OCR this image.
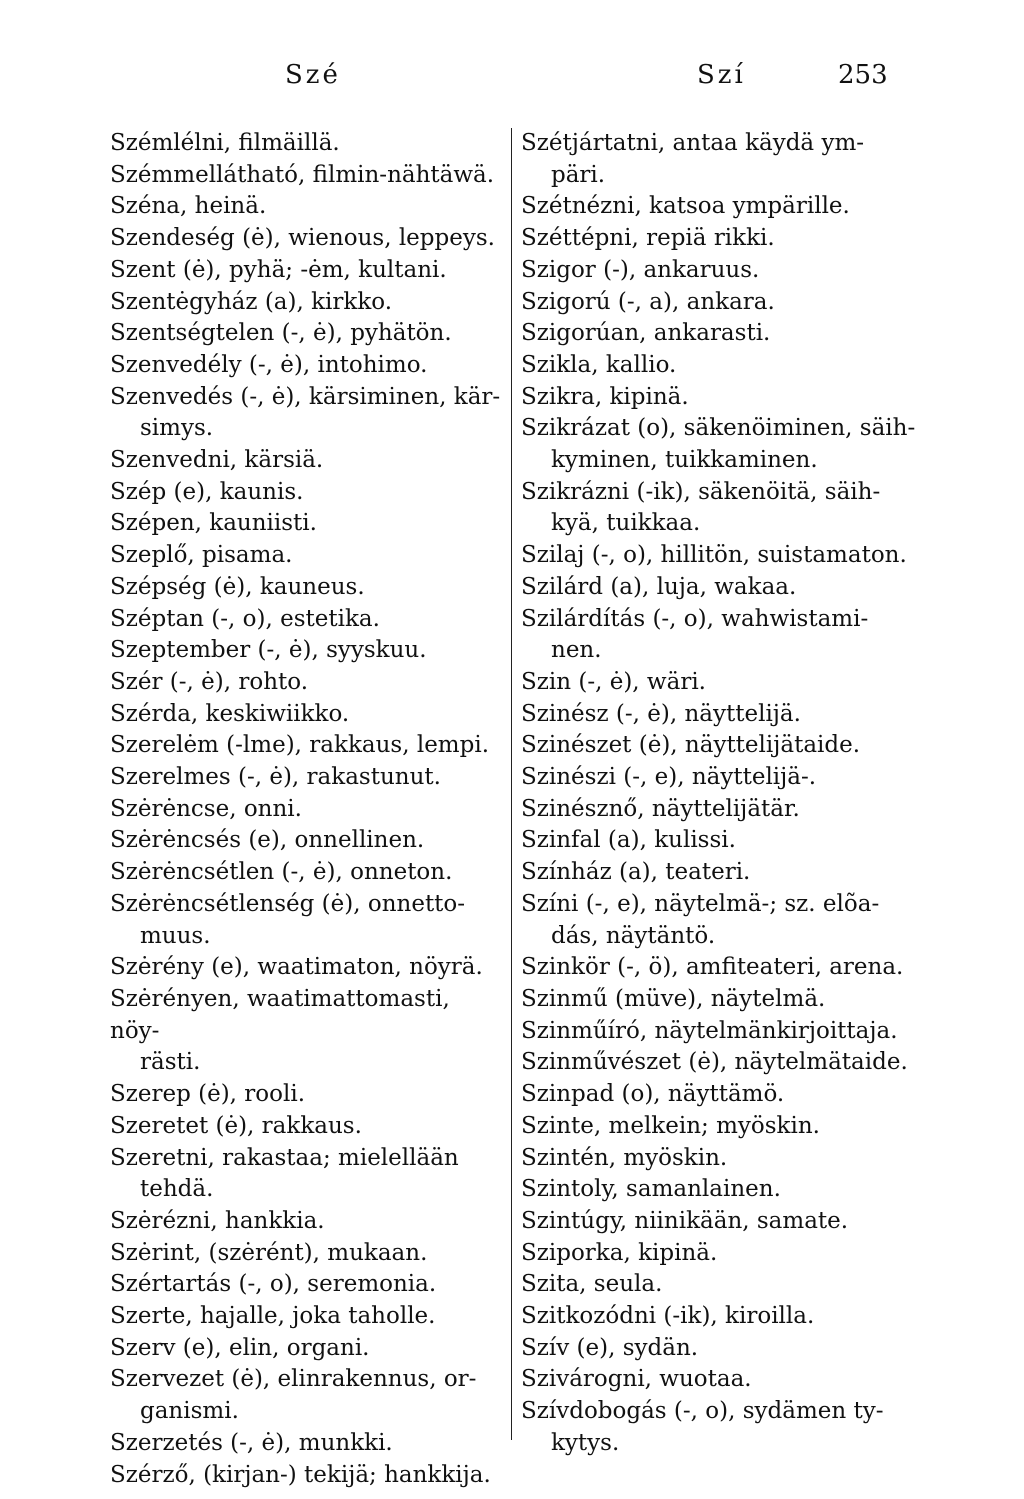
Szé	Szí	253
Szémlélni, filmäillä.
Szémmellátható, filmin-nähtäwä.
Széna, heinä.
Szendeség (ė), wienous, leppeys.
Szent (ė), pyhä; -ėm, kultani.
Szentėgyház (a), kirkko.
Szentségtelen (-, ė), pyhätön.
Szenvedély (-, ė), intohimo.
Szenvedés (-, ė), kärsiminen, kär-
simys.
Szenvedni, kärsiä.
Szép (e), kaunis.
Szépen, kauniisti.
Szeplő, pisama.
Szépség (ė), kauneus.
Széptan (-, o), estetika.
Szeptember (-, ė), syyskuu.
Szér (-, ė), rohto.
Szérda, keskiwiikko.
Szerelėm (-lme), rakkaus, lempi.
Szerelmes (-, ė), rakastunut.
Szėrėncse, onni.
Szėrėncsés (e), onnellinen.
Szėrėncsétlen (-, ė), onneton.
Szėrėncsétlenség (ė), onnetto-
muus.
Szėrény (e), waatimaton, nöyrä.
Szėrényen, waatimattomasti, nöy-
rästi.
Szerep (ė), rooli.
Szeretet (ė), rakkaus.
Szeretni, rakastaa; mielellään
tehdä.
Szėrézni, hankkia.
Szėrint, (szėrént), mukaan.
Szértartás (-, o), seremonia.
Szerte, hajalle, joka taholle.
Szerv (e), elin, organi.
Szervezet (ė), elinrakennus, or-
ganismi.
Szerzetés (-, ė), munkki.
Szérző, (kirjan-) tekijä; hankkija.
Szétjártatni, antaa käydä ym-
päri.
Szétnézni, katsoa ympärille.
Széttépni, repiä rikki.
Szigor (-), ankaruus.
Szigorú (-, a), ankara.
Szigorúan, ankarasti.
Szikla, kallio.
Szikra, kipinä.
Szikrázat (o), säkenöiminen, säih-
kyminen, tuikkaminen.
Szikrázni (-ik), säkenöitä, säih-
kyä, tuikkaa.
Szilaj (-, o), hillitön, suistamaton.
Szilárd (a), luja, wakaa.
Szilárdítás (-, o), wahwistami-
nen.
Szin (-, ė), wäri.
Szinész (-, ė), näyttelijä.
Szinészet (ė), näyttelijätaide.
Szinészi (-, e), näyttelijä-.
Szinésznő, näyttelijätär.
Szinfal (a), kulissi.
Színház (a), teateri.
Színi (-, e), näytelmä-; sz. elõa-
dás, näytäntö.
Szinkör (-, ö), amfiteateri, arena.
Szinmű (müve), näytelmä.
Szinműíró, näytelmänkirjoittaja.
Szinművészet (ė), näytelmätaide.
Szinpad (o), näyttämö.
Szinte, melkein; myöskin.
Szintén, myöskin.
Szintoly, samanlainen.
Szintúgy, niinikään, samate.
Sziporka, kipinä.
Szita, seula.
Szitkozódni (-ik), kiroilla.
Szív (e), sydän.
Szivárogni, wuotaa.
Szívdobogás (-, o), sydämen ty-
kytys.
